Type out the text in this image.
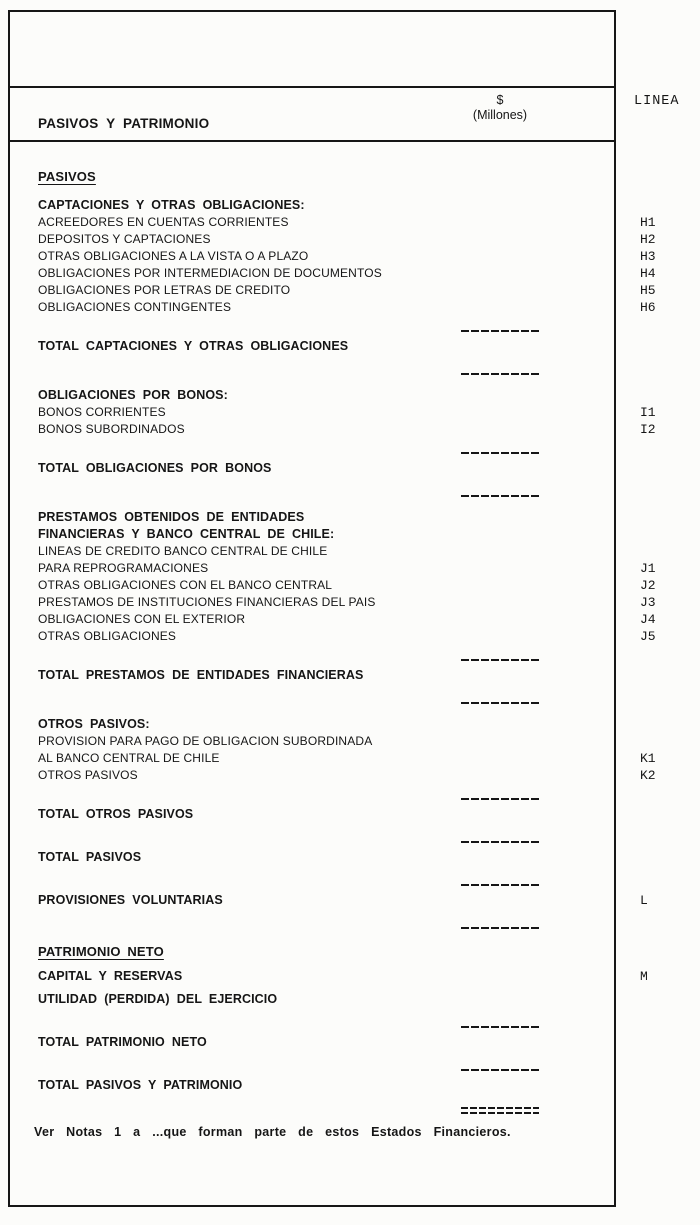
PASIVOS Y PATRIMONIO
$
(Millones)
LINEA
PASIVOS
CAPTACIONES Y OTRAS OBLIGACIONES:
ACREEDORES EN CUENTAS CORRIENTES	H1
DEPOSITOS Y CAPTACIONES	H2
OTRAS OBLIGACIONES A LA VISTA O A PLAZO	H3
OBLIGACIONES POR INTERMEDIACION DE DOCUMENTOS	H4
OBLIGACIONES POR LETRAS DE CREDITO	H5
OBLIGACIONES CONTINGENTES	H6
TOTAL CAPTACIONES Y OTRAS OBLIGACIONES
OBLIGACIONES POR BONOS:
BONOS CORRIENTES	I1
BONOS SUBORDINADOS	I2
TOTAL OBLIGACIONES POR BONOS
PRESTAMOS OBTENIDOS DE ENTIDADES
FINANCIERAS Y BANCO CENTRAL DE CHILE:
LINEAS DE CREDITO BANCO CENTRAL DE CHILE
PARA REPROGRAMACIONES	J1
OTRAS OBLIGACIONES CON EL BANCO CENTRAL	J2
PRESTAMOS DE INSTITUCIONES FINANCIERAS DEL PAIS	J3
OBLIGACIONES CON EL EXTERIOR	J4
OTRAS OBLIGACIONES	J5
TOTAL PRESTAMOS DE ENTIDADES FINANCIERAS
OTROS PASIVOS:
PROVISION PARA PAGO DE OBLIGACION SUBORDINADA
AL BANCO CENTRAL DE CHILE	K1
OTROS PASIVOS	K2
TOTAL OTROS PASIVOS
TOTAL PASIVOS
PROVISIONES VOLUNTARIAS	L
PATRIMONIO NETO
CAPITAL Y RESERVAS	M
UTILIDAD (PERDIDA) DEL EJERCICIO
TOTAL PATRIMONIO NETO
TOTAL PASIVOS Y PATRIMONIO
Ver Notas 1 a ...que forman parte de estos Estados Financieros.
